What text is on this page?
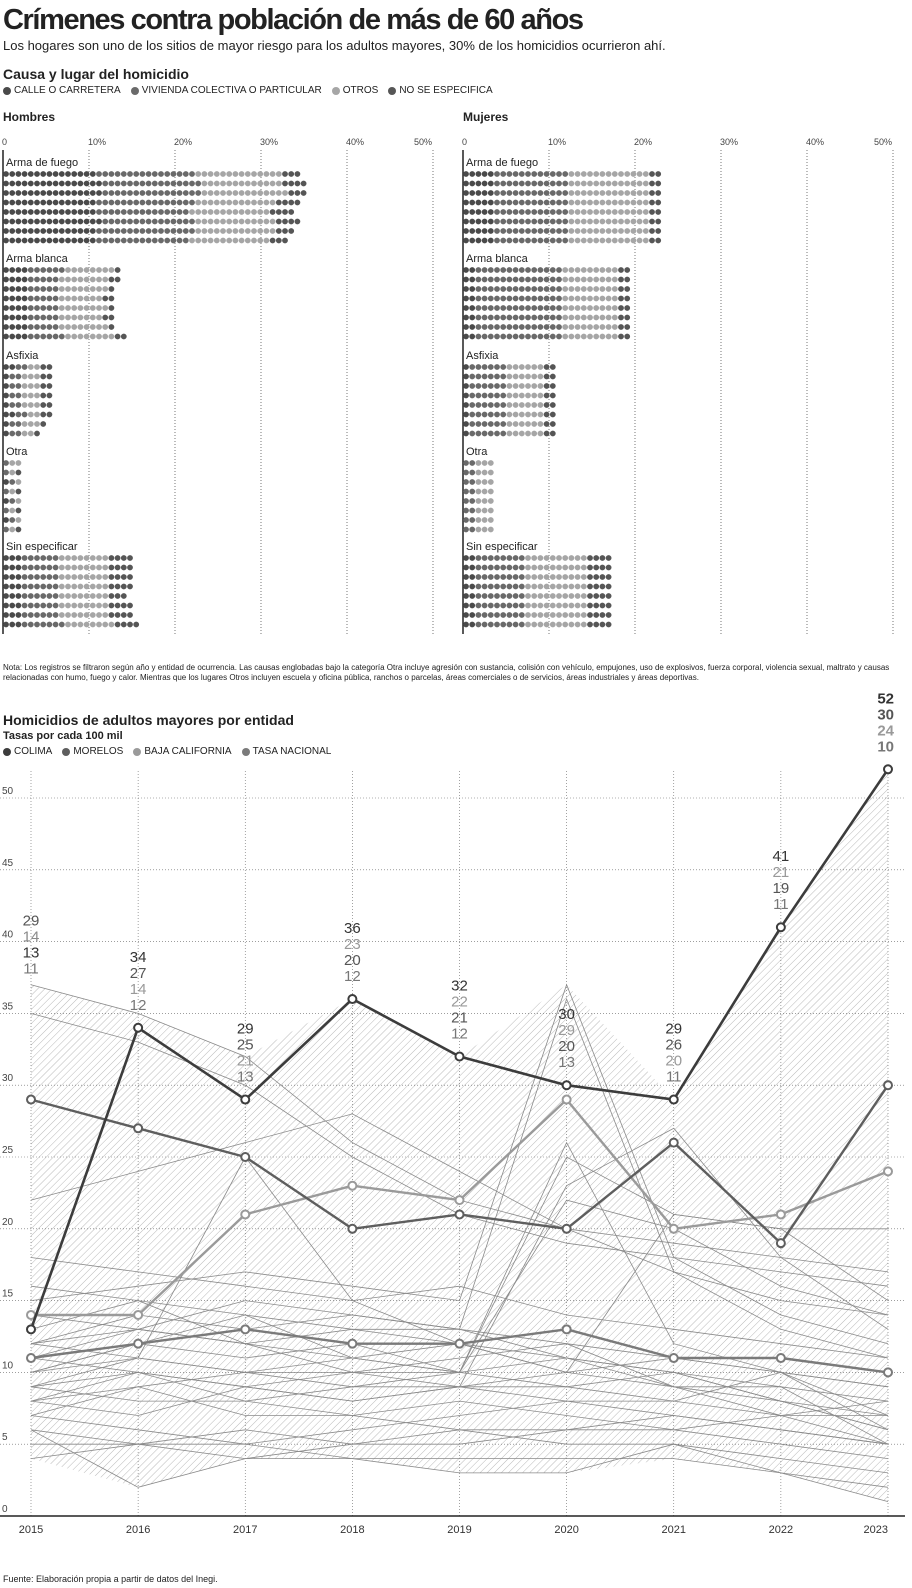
Crímenes contra población de más de 60 años
Los hogares son uno de los sitios de mayor riesgo para los adultos mayores, 30% de los homicidios ocurrieron ahí.
Causa y lugar del homicidio
CALLE O CARRETERA VIVIENDA COLECTIVA O PARTICULAR OTROS NO SE ESPECIFICA
Hombres
0	10%	20%	30%	40%	50%
Arma de fuego
Arma blanca
Asfixia
Otra
Sin especificar
Mujeres
0	10%	20%	30%	40%	50%
Arma de fuego
Arma blanca
Asfixia
Otra
Sin especificar
Nota: Los registros se filtraron según año y entidad de ocurrencia. Las causas englobadas bajo la categoría Otra incluye agresión con sustancia, colisión con vehículo, empujones, uso de explosivos, fuerza corporal, violencia sexual, maltrato y causas relacionadas con humo, fuego y calor. Mientras que los lugares Otros incluyen escuela y oficina pública, ranchos o parcelas, áreas comerciales o de servicios, áreas industriales y áreas deportivas.
Homicidios de adultos mayores por entidad
Tasas por cada 100 mil
COLIMA MORELOS BAJA CALIFORNIA TASA NACIONAL
0
5
10
15
20
25
30
35
40
45
50
2015	2016	2017	2018	2019	2020	2021	2022	2023
29
14
13
11
34
27
14
12
29
25
21
13
36
23
20
12
32
22
21
12
30
29
20
13
29
26
20
11
41
21
19
11
52
30
24
10
Fuente: Elaboración propia a partir de datos del Inegi.
